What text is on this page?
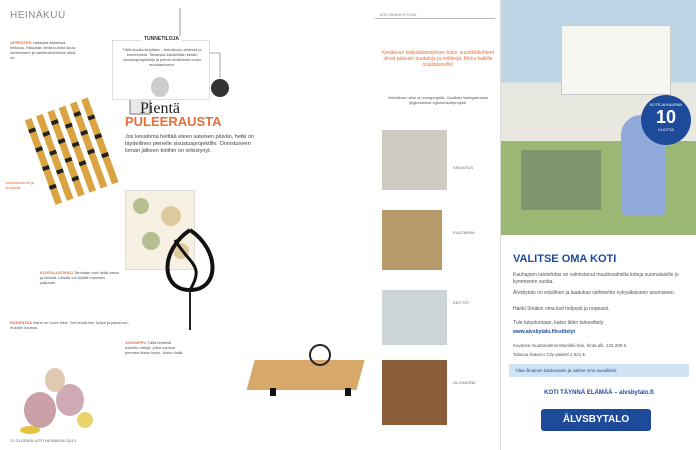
HEINÄKUU
AFRESTEN vaikkaita liikkeissa heikkaa. Haluaisin tiedä kuinka kuusi kohteeseen ja kaihtimiinihimina tämä on.
TUNNETILOJA
Tällä sivulla kirjoittaa... heinäkuun aiheista ja tunnelmista. Tekstissä käsitellään kesän sisustusprojekteja ja pieniä oivalluksia kodin muuttamiseen.
Pientä
PULEERAUSTA
Jos kesaloma heittää eteen sateisen päivän, hetki on täydellinen pienelle sisustusprojektille. Onnistuneen loman jälkeen kotihin on virkistynyt.
Maalausideat ja tuotteita
KUVIOLAATIKKO Tarvitaan vain lisää valoa ja ilmettä. Ideoita voi löytää monesta paikasta.
RAKENTAA esine on tuore idea. Voit tehdä itse hyllyn ja jakaa sen muiden kanssa.
JOKISIPPU Tällä hetkellä kokeilin värejä, jotka sopivat pieneen tilaan hyvin. Katso lisää.
12 GLORIAN KOTI HEINÄKUU 2013
#GLORIANKOTIUNI
Kesäkuun lukijaäänestyksen tulos: suosikkikohteet olivat pääosin puutaloja ja mökkejä. Kiitos kaikille osallistuneille!
Heinäkuun aihe on lomaprojekti. Osallistu Instagramissa @gloriankoti #gloriankotiprojekti.
SISUSTUS
PUUTARHA
KEITTIÖ
OLOHUONE
KOTEJA KAUPAN
10
VUOTTA
VALITSE OMA KOTI
Kauhajoen talotehdas on valmistanut muuttovalmiita koteja suomalaisille jo kymmenen vuotta.
Älvsbytalo on edullinen ja laadukas vaihtoehto nykyaikaiseen asumiseen.
Hanki Sinäkin oma koti helposti ja nopeasti.
Tule tutustumaan, katso lähin taloesittely:
www.alvsbytalo.fi/esittelyt
Kuvassa muuttovalmis Mainikki-talo, hinta alk. 125 200 €.
Talossa lisäarvo City-paketti 2 821 €.
Tilaa ilmainen talokuvasto ja valitse oma suosikkisi:
KOTI TÄYNNÄ ELÄMÄÄ – alvsbytalo.fi
ÄLVSBYTALO
